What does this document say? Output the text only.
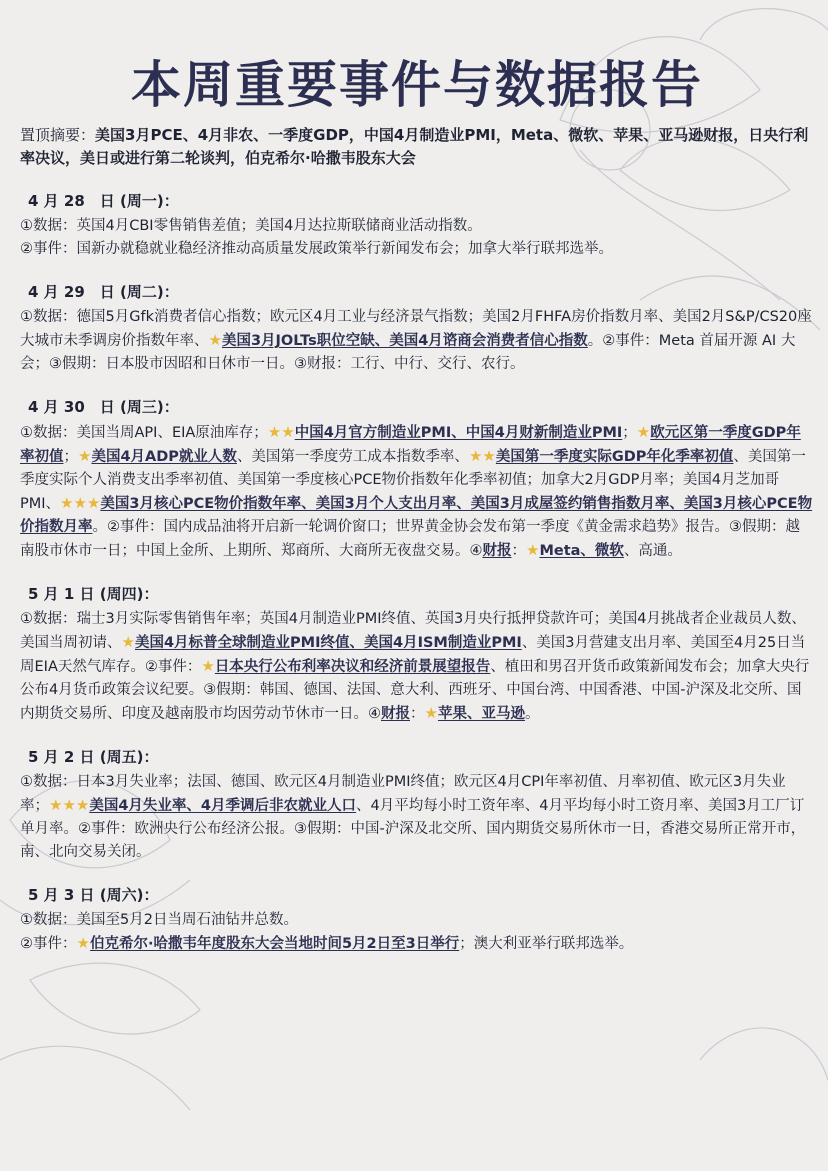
本周重要事件与数据报告
置顶摘要：美国3月PCE、4月非农、一季度GDP，中国4月制造业PMI，Meta、微软、苹果、亚马逊财报，日央行利率决议，美日或进行第二轮谈判，伯克希尔·哈撒韦股东大会
4 月 28　日 (周一)：

①数据：英国4月CBI零售销售差值；美国4月达拉斯联储商业活动指数。

②事件：国新办就稳就业稳经济推动高质量发展政策举行新闻发布会；加拿大举行联邦选举。

4 月 29　日 (周二)：

①数据：德国5月Gfk消费者信心指数；欧元区4月工业与经济景气指数；美国2月FHFA房价指数月率、美国2月S&P/CS20座大城市未季调房价指数年率、★美国3月JOLTs职位空缺、美国4月谘商会消费者信心指数。②事件：Meta 首届开源 AI 大会；③假期：日本股市因昭和日休市一日。③财报：工行、中行、交行、农行。

4 月 30　日 (周三)：

①数据：美国当周API、EIA原油库存；★★中国4月官方制造业PMI、中国4月财新制造业PMI；★欧元区第一季度GDP年率初值；★美国4月ADP就业人数、美国第一季度劳工成本指数季率、★★美国第一季度实际GDP年化季率初值、美国第一季度实际个人消费支出季率初值、美国第一季度核心PCE物价指数年化季率初值；加拿大2月GDP月率；美国4月芝加哥PMI、★★★美国3月核心PCE物价指数年率、美国3月个人支出月率、美国3月成屋签约销售指数月率、美国3月核心PCE物价指数月率。②事件：国内成品油将开启新一轮调价窗口；世界黄金协会发布第一季度《黄金需求趋势》报告。③假期：越南股市休市一日；中国上金所、上期所、郑商所、大商所无夜盘交易。④财报：★Meta、微软、高通。

5 月 1 日 (周四)：

①数据：瑞士3月实际零售销售年率；英国4月制造业PMI终值、英国3月央行抵押贷款许可；美国4月挑战者企业裁员人数、美国当周初请、★美国4月标普全球制造业PMI终值、美国4月ISM制造业PMI、美国3月营建支出月率、美国至4月25日当周EIA天然气库存。②事件：★日本央行公布利率决议和经济前景展望报告、植田和男召开货币政策新闻发布会；加拿大央行公布4月货币政策会议纪要。③假期：韩国、德国、法国、意大利、西班牙、中国台湾、中国香港、中国-沪深及北交所、国内期货交易所、印度及越南股市均因劳动节休市一日。④财报：★苹果、亚马逊。

5 月 2 日 (周五)：

①数据：日本3月失业率；法国、德国、欧元区4月制造业PMI终值；欧元区4月CPI年率初值、月率初值、欧元区3月失业率；★★★美国4月失业率、4月季调后非农就业人口、4月平均每小时工资年率、4月平均每小时工资月率、美国3月工厂订单月率。②事件：欧洲央行公布经济公报。③假期：中国-沪深及北交所、国内期货交易所休市一日，香港交易所正常开市，南、北向交易关闭。

5 月 3 日 (周六)：

①数据：美国至5月2日当周石油钻井总数。

②事件：★伯克希尔·哈撒韦年度股东大会当地时间5月2日至3日举行；澳大利亚举行联邦选举。
